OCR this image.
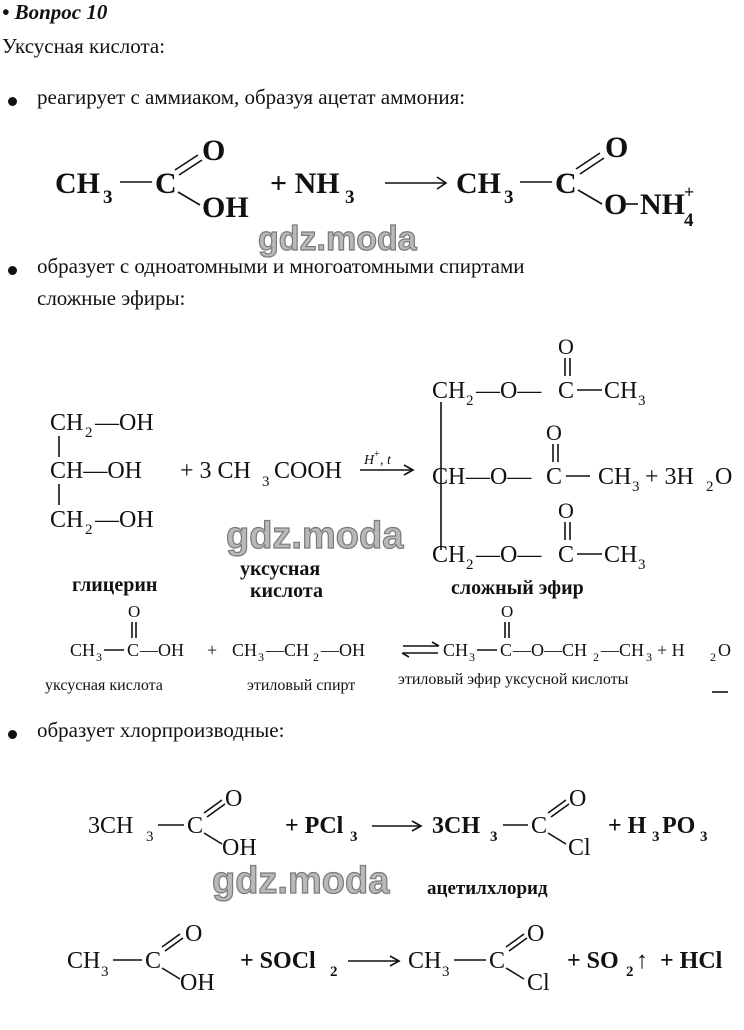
• Вопрос 10
Уксусная кислота:
реагирует с аммиаком, образуя ацетат аммония:
образует с одноатомными и многоатомными спиртами
сложные эфиры:
образует хлорпроизводные:
CH 3 C
O
OH
+ NH 3	CH 3 C
O
O NH +
4
gdz.moda
CH 2 —OH
CH—OH
CH 2 —OH
+ 3 CH 3 COOH H + , t
CH 2 —O— C
O
CH 3
CH —O— C
O
CH 3 + 3H 2 O
CH 2 —O— C
O
CH 3
глицерин
уксусная
кислота	сложный эфир
gdz.moda
CH 3 C
O
—OH + CH 3 —CH 2 —OH	CH 3 C
O
—O—CH 2 —CH 3 + H 2 O
уксусная кислота	этиловый спирт	этиловый эфир уксусной кислоты
3CH 3 C
O
OH
+ PCl 3	3CH 3 C
O
Cl
+ H 3 PO 3
ацетилхлорид
gdz.moda
CH 3 C
O
OH
+ SOCl 2	CH 3 C
O
Cl
+ SO 2 ↑ + HCl
